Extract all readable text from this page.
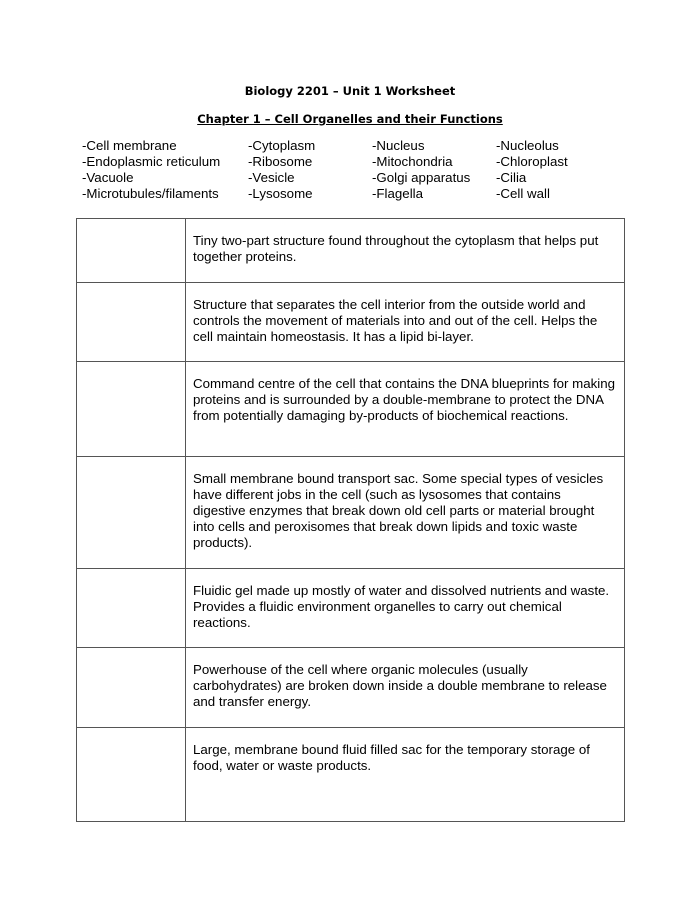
Biology 2201 – Unit 1 Worksheet
Chapter 1 – Cell Organelles and their Functions
-Cell membrane
-Endoplasmic reticulum
-Vacuole
-Microtubules/filaments
-Cytoplasm
-Ribosome
-Vesicle
-Lysosome
-Nucleus
-Mitochondria
-Golgi apparatus
-Flagella
-Nucleolus
-Chloroplast
-Cilia
-Cell wall
	Tiny two-part structure found throughout the cytoplasm that helps put together proteins.
	Structure that separates the cell interior from the outside world and controls the movement of materials into and out of the cell. Helps the cell maintain homeostasis. It has a lipid bi-layer.
	Command centre of the cell that contains the DNA blueprints for making proteins and is surrounded by a double-membrane to protect the DNA from potentially damaging by-products of biochemical reactions.
	Small membrane bound transport sac. Some special types of vesicles have different jobs in the cell (such as lysosomes that contains digestive enzymes that break down old cell parts or material brought into cells and peroxisomes that break down lipids and toxic waste products).
	Fluidic gel made up mostly of water and dissolved nutrients and waste. Provides a fluidic environment organelles to carry out chemical reactions.
	Powerhouse of the cell where organic molecules (usually carbohydrates) are broken down inside a double membrane to release and transfer energy.
	Large, membrane bound fluid filled sac for the temporary storage of food, water or waste products.
